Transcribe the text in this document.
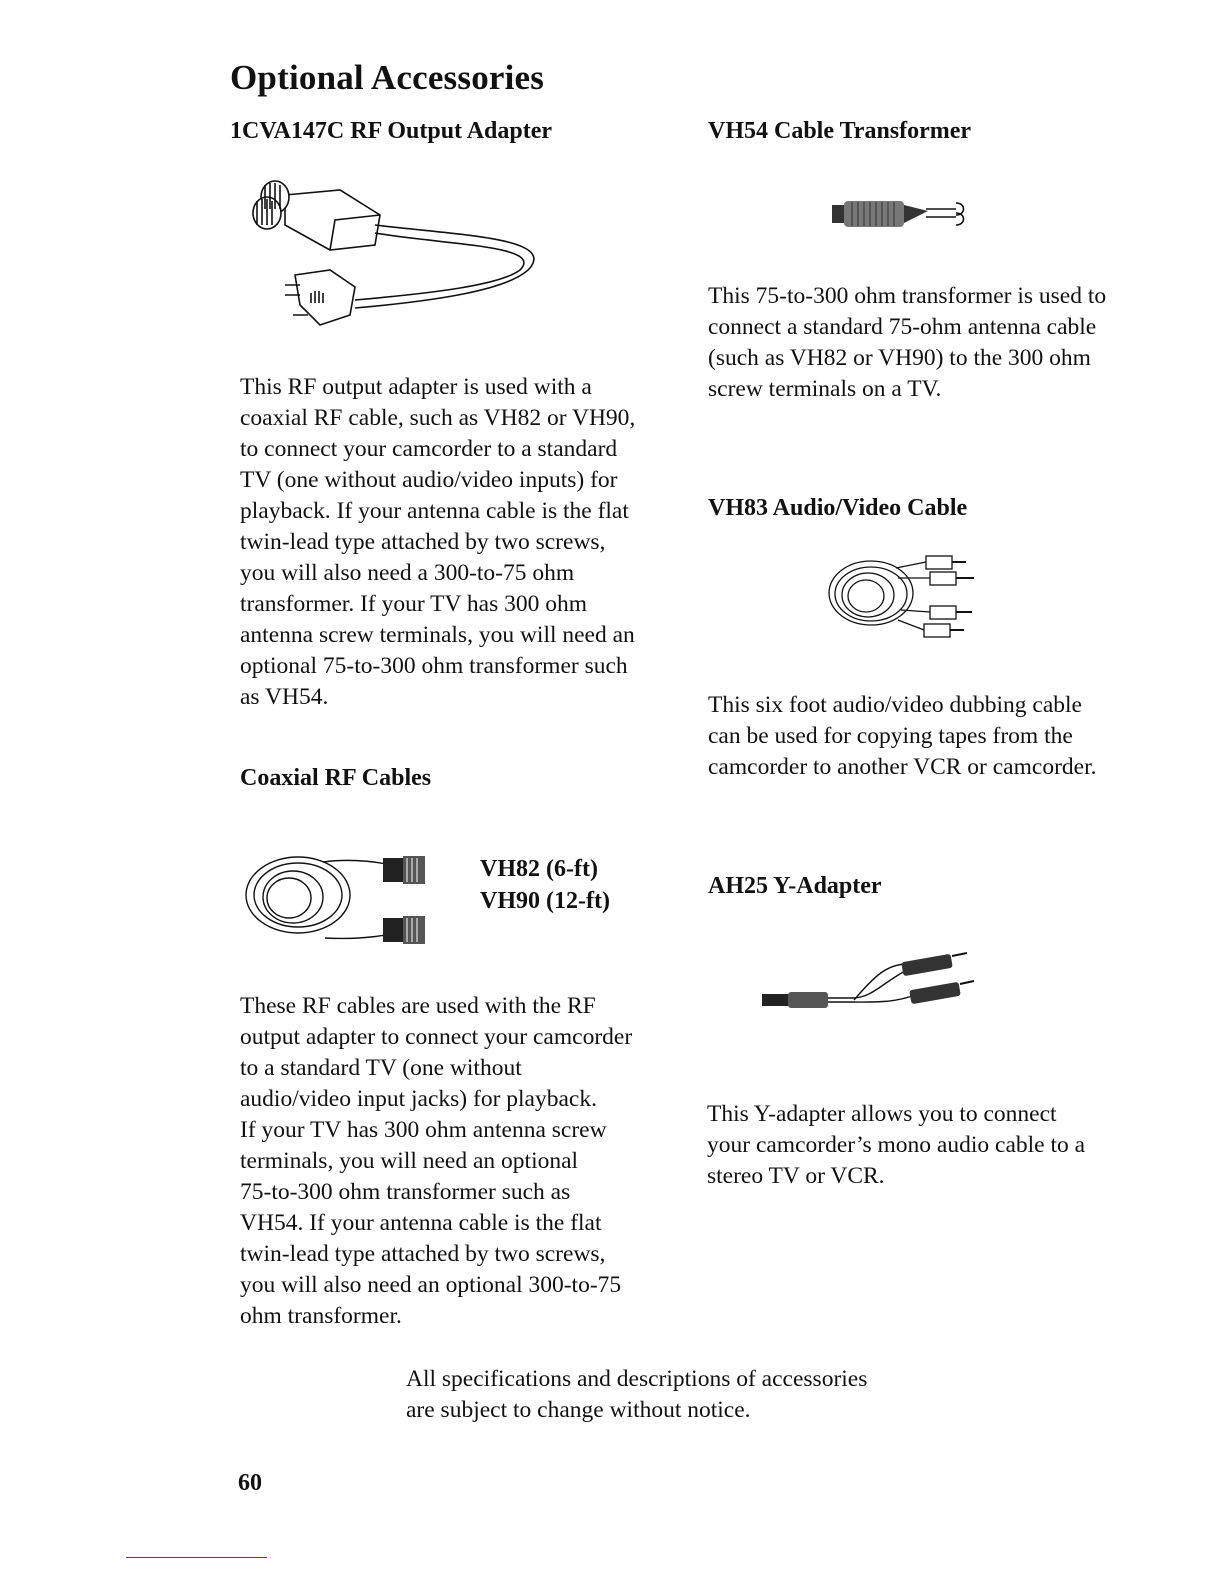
Optional Accessories
1CVA147C RF Output Adapter
This RF output adapter is used with a
coaxial RF cable, such as VH82 or VH90,
to connect your camcorder to a standard
TV (one without audio/video inputs) for
playback. If your antenna cable is the flat
twin-lead type attached by two screws,
you will also need a 300-to-75 ohm
transformer. If your TV has 300 ohm
antenna screw terminals, you will need an
optional 75-to-300 ohm transformer such
as VH54.
Coaxial RF Cables
VH82 (6-ft)
VH90 (12-ft)
These RF cables are used with the RF
output adapter to connect your camcorder
to a standard TV (one without
audio/video input jacks) for playback.
If your TV has 300 ohm antenna screw
terminals, you will need an optional
75-to-300 ohm transformer such as
VH54. If your antenna cable is the flat
twin-lead type attached by two screws,
you will also need an optional 300-to-75
ohm transformer.
VH54 Cable Transformer
This 75-to-300 ohm transformer is used to
connect a standard 75-ohm antenna cable
(such as VH82 or VH90) to the 300 ohm
screw terminals on a TV.
VH83 Audio/Video Cable
This six foot audio/video dubbing cable
can be used for copying tapes from the
camcorder to another VCR or camcorder.
AH25 Y-Adapter
This Y-adapter allows you to connect
your camcorder’s mono audio cable to a
stereo TV or VCR.
All specifications and descriptions of accessories
are subject to change without notice.
60
